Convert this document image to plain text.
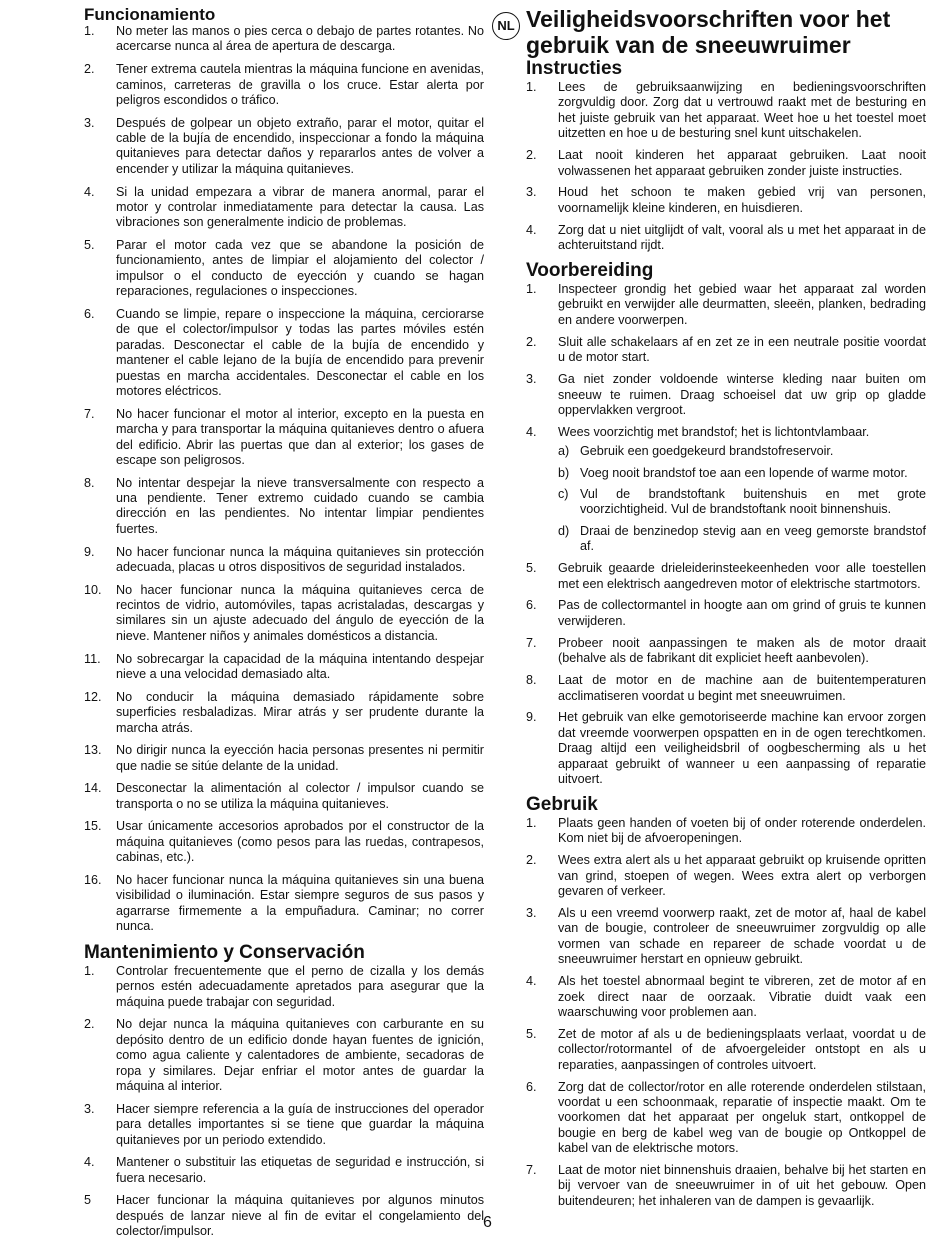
Funcionamiento
1.	No meter las manos o pies cerca o debajo de partes rotantes. No acercarse nunca al área de apertura de descarga.
2.	Tener extrema cautela mientras la máquina funcione en avenidas, caminos, carreteras de gravilla o los cruce. Estar alerta por peligros escondidos o tráfico.
3.	Después de golpear un objeto extraño, parar el motor, quitar el cable de la bujía de encendido, inspeccionar a fondo la máquina quitanieves para detectar daños y repararlos antes de volver a encender y utilizar la máquina quitanieves.
4.	Si la unidad empezara a vibrar de manera anormal, parar el motor y controlar inmediatamente para detectar la causa. Las vibraciones son generalmente indicio de problemas.
5.	Parar el motor cada vez que se abandone la posición de funcionamiento, antes de limpiar el alojamiento del colector / impulsor o el conducto de eyección y cuando se hagan reparaciones, regulaciones o inspecciones.
6.	Cuando se limpie, repare o inspeccione la máquina, cerciorarse de que el colector/impulsor y todas las partes móviles estén paradas. Desconectar el cable de la bujía de encendido y mantener el cable lejano de la bujía de encendido para prevenir puestas en marcha accidentales. Desconectar el cable en los motores eléctricos.
7.	No hacer funcionar el motor al interior, excepto en la puesta en marcha y para transportar la máquina quitanieves dentro o afuera del edificio. Abrir las puertas que dan al exterior; los gases de escape son peligrosos.
8.	No intentar despejar la nieve transversalmente con respecto a una pendiente. Tener extremo cuidado cuando se cambia dirección en las pendientes. No intentar limpiar pendientes fuertes.
9.	No hacer funcionar nunca la máquina quitanieves sin protección adecuada, placas u otros dispositivos de seguridad instalados.
10.	No hacer funcionar nunca la máquina quitanieves cerca de recintos de vidrio, automóviles, tapas acristaladas, descargas y similares sin un ajuste adecuado del ángulo de eyección de la nieve. Mantener niños y animales domésticos a distancia.
11.	No sobrecargar la capacidad de la máquina intentando despejar nieve a una velocidad demasiado alta.
12.	No conducir la máquina demasiado rápidamente sobre superficies resbaladizas. Mirar atrás y ser prudente durante la marcha atrás.
13.	No dirigir nunca la eyección hacia personas presentes ni permitir que nadie se sitúe delante de la unidad.
14.	Desconectar la alimentación al colector / impulsor cuando se transporta o no se utiliza la máquina quitanieves.
15.	Usar únicamente accesorios aprobados por el constructor de la máquina quitanieves (como pesos para las ruedas, contrapesos, cabinas, etc.).
16.	No hacer funcionar nunca la máquina quitanieves sin una buena visibilidad o iluminación. Estar siempre seguros de sus pasos y agarrarse firmemente a la empuñadura. Caminar; no correr nunca.
Mantenimiento y Conservación
1.	Controlar frecuentemente que el perno de cizalla y los demás pernos estén adecuadamente apretados para asegurar que la máquina puede trabajar con seguridad.
2.	No dejar nunca la máquina quitanieves con carburante en su depósito dentro de un edificio donde hayan fuentes de ignición, como agua caliente y calentadores de ambiente, secadoras de ropa y similares. Dejar enfriar el motor antes de guardar la máquina al interior.
3.	Hacer siempre referencia a la guía de instrucciones del operador para detalles importantes si se tiene que guardar la máquina quitanieves por un periodo extendido.
4.	Mantener o substituir las etiquetas de seguridad e instrucción, si fuera necesario.
5	Hacer funcionar la máquina quitanieves por algunos minutos después de lanzar nieve al fin de evitar el congelamiento del colector/impulsor.
NL Veiligheidsvoorschriften voor het gebruik van de sneeuwruimer
Instructies
1.	Lees de gebruiksaanwijzing en bedieningsvoorschriften zorgvuldig door. Zorg dat u vertrouwd raakt met de besturing en het juiste gebruik van het apparaat. Weet hoe u het toestel moet uitzetten en hoe u de besturing snel kunt uitschakelen.
2.	Laat nooit kinderen het apparaat gebruiken. Laat nooit volwassenen het apparaat gebruiken zonder juiste instructies.
3.	Houd het schoon te maken gebied vrij van personen, voornamelijk kleine kinderen, en huisdieren.
4.	Zorg dat u niet uitglijdt of valt, vooral als u met het apparaat in de achteruitstand rijdt.
Voorbereiding
1.	Inspecteer grondig het gebied waar het apparaat zal worden gebruikt en verwijder alle deurmatten, sleeën, planken, bedrading en andere voorwerpen.
2.	Sluit alle schakelaars af en zet ze in een neutrale positie voordat u de motor start.
3.	Ga niet zonder voldoende winterse kleding naar buiten om sneeuw te ruimen. Draag schoeisel dat uw grip op gladde oppervlakken vergroot.
4.	Wees voorzichtig met brandstof; het is lichtontvlambaar.
a) Gebruik een goedgekeurd brandstofreservoir.
b) Voeg nooit brandstof toe aan een lopende of warme motor.
c) Vul de brandstoftank buitenshuis en met grote voorzichtigheid. Vul de brandstoftank nooit binnenshuis.
d) Draai de benzinedop stevig aan en veeg gemorste brandstof af.
5.	Gebruik geaarde drieleiderinsteekeenheden voor alle toestellen met een elektrisch aangedreven motor of elektrische startmotors.
6.	Pas de collectormantel in hoogte aan om grind of gruis te kunnen verwijderen.
7.	Probeer nooit aanpassingen te maken als de motor draait (behalve als de fabrikant dit expliciet heeft aanbevolen).
8.	Laat de motor en de machine aan de buitentemperaturen acclimatiseren voordat u begint met sneeuwruimen.
9.	Het gebruik van elke gemotoriseerde machine kan ervoor zorgen dat vreemde voorwerpen opspatten en in de ogen terechtkomen. Draag altijd een veiligheidsbril of oogbescherming als u het apparaat gebruikt of wanneer u een aanpassing of reparatie uitvoert.
Gebruik
1.	Plaats geen handen of voeten bij of onder roterende onderdelen. Kom niet bij de afvoeropeningen.
2.	Wees extra alert als u het apparaat gebruikt op kruisende opritten van grind, stoepen of wegen. Wees extra alert op verborgen gevaren of verkeer.
3.	Als u een vreemd voorwerp raakt, zet de motor af, haal de kabel van de bougie, controleer de sneeuwruimer zorgvuldig op alle vormen van schade en repareer de schade voordat u de sneeuwruimer herstart en opnieuw gebruikt.
4.	Als het toestel abnormaal begint te vibreren, zet de motor af en zoek direct naar de oorzaak. Vibratie duidt vaak een waarschuwing voor problemen aan.
5.	Zet de motor af als u de bedieningsplaats verlaat, voordat u de collector/rotormantel of de afvoergeleider ontstopt en als u reparaties, aanpassingen of controles uitvoert.
6.	Zorg dat de collector/rotor en alle roterende onderdelen stilstaan, voordat u een schoonmaak, reparatie of inspectie maakt. Om te voorkomen dat het apparaat per ongeluk start, ontkoppel de bougie en berg de kabel weg van de bougie op Ontkoppel de kabel van de elektrische motors.
7.	Laat de motor niet binnenshuis draaien, behalve bij het starten en bij vervoer van de sneeuwruimer in of uit het gebouw. Open buitendeuren; het inhaleren van de dampen is gevaarlijk.
6
